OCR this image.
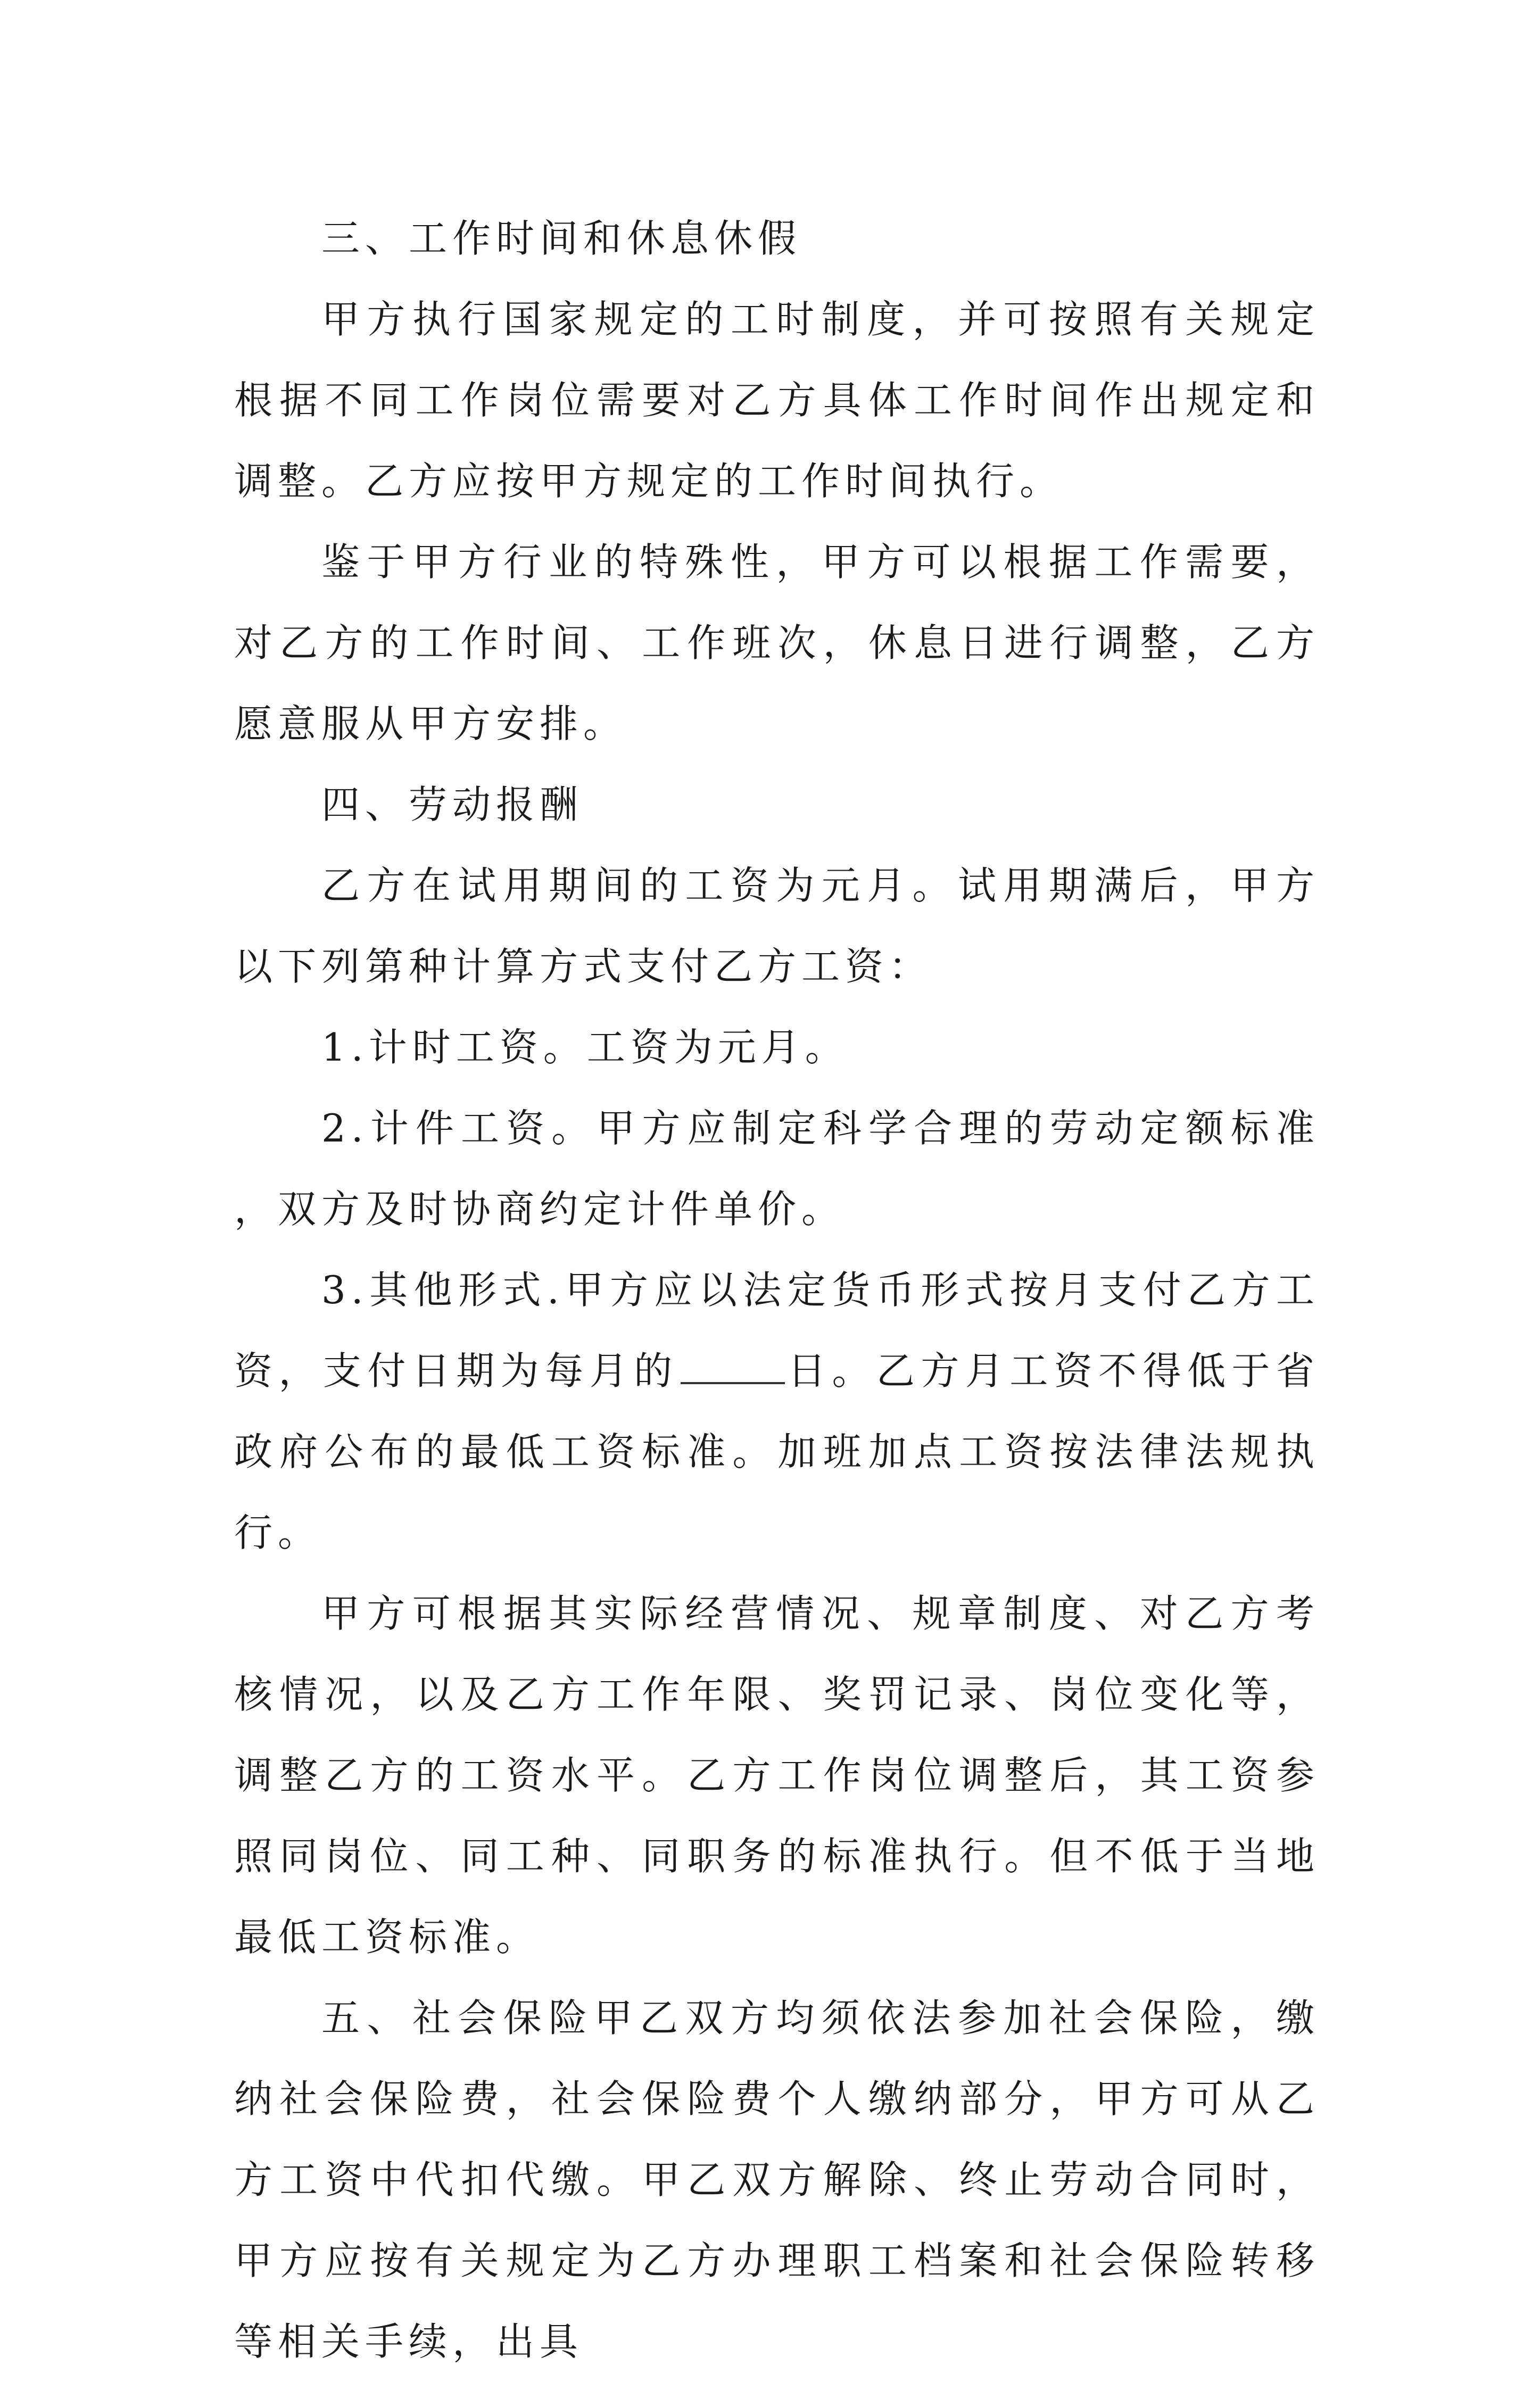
三、工作时间和休息休假

甲方执行国家规定的工时制度，并可按照有关规定根据不同工作岗位需要对乙方具体工作时间作出规定和调整。乙方应按甲方规定的工作时间执行。

鉴于甲方行业的特殊性，甲方可以根据工作需要，对乙方的工作时间、工作班次，休息日进行调整，乙方愿意服从甲方安排。

四、劳动报酬

乙方在试用期间的工资为元月。试用期满后，甲方以下列第种计算方式支付乙方工资：

1.计时工资。工资为元月。

2.计件工资。甲方应制定科学合理的劳动定额标准，双方及时协商约定计件单价。

3.其他形式.甲方应以法定货币形式按月支付乙方工资，支付日期为每月的	日。乙方月工资不得低于省政府公布的最低工资标准。加班加点工资按法律法规执行。

甲方可根据其实际经营情况、规章制度、对乙方考核情况，以及乙方工作年限、奖罚记录、岗位变化等，调整乙方的工资水平。乙方工作岗位调整后，其工资参照同岗位、同工种、同职务的标准执行。但不低于当地最低工资标准。

五、社会保险甲乙双方均须依法参加社会保险，缴纳社会保险费，社会保险费个人缴纳部分，甲方可从乙方工资中代扣代缴。甲乙双方解除、终止劳动合同时，甲方应按有关规定为乙方办理职工档案和社会保险转移等相关手续，出具
